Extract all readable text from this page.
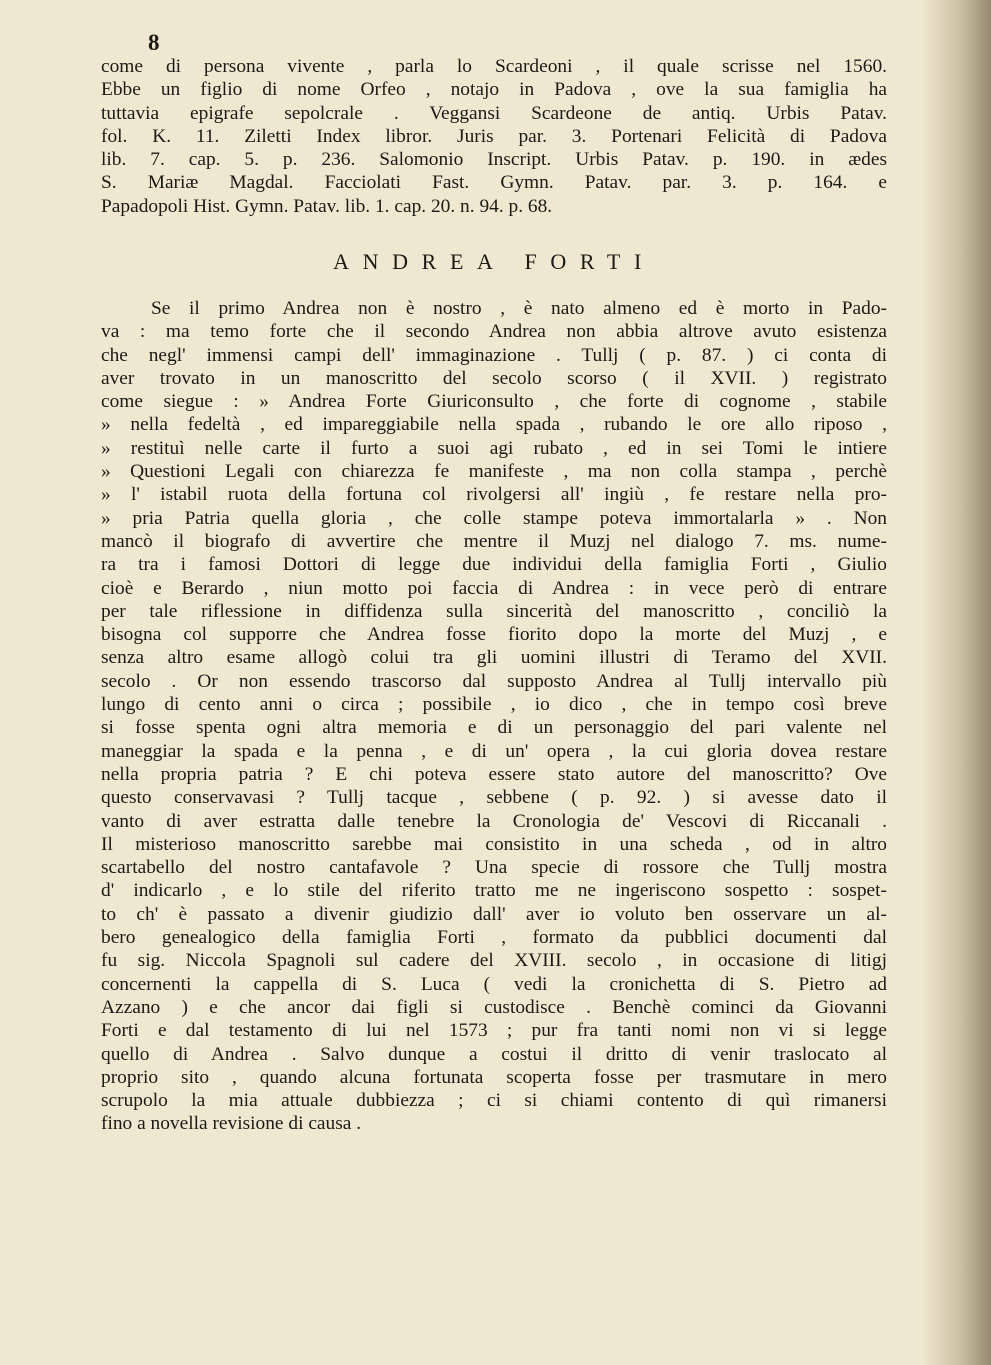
8

come di persona vivente , parla lo Scardeoni , il quale scrisse nel 1560.

Ebbe un figlio di nome Orfeo , notajo in Padova , ove la sua famiglia ha

tuttavia epigrafe sepolcrale . Veggansi Scardeone de antiq. Urbis Patav.

fol. K. 11. Ziletti Index libror. Juris par. 3. Portenari Felicità di Padova

lib. 7. cap. 5. p. 236. Salomonio Inscript. Urbis Patav. p. 190. in ædes

S. Mariæ Magdal. Facciolati Fast. Gymn. Patav. par. 3. p. 164. e

Papadopoli Hist. Gymn. Patav. lib. 1. cap. 20. n. 94. p. 68.

ANDREA FORTI

Se il primo Andrea non è nostro , è nato almeno ed è morto in Pado-

va : ma temo forte che il secondo Andrea non abbia altrove avuto esistenza

che negl' immensi campi dell' immaginazione . Tullj ( p. 87. ) ci conta di

aver trovato in un manoscritto del secolo scorso ( il XVII. ) registrato

come siegue : » Andrea Forte Giuriconsulto , che forte di cognome , stabile

» nella fedeltà , ed impareggiabile nella spada , rubando le ore allo riposo ,

» restituì nelle carte il furto a suoi agi rubato , ed in sei Tomi le intiere

» Questioni Legali con chiarezza fe manifeste , ma non colla stampa , perchè

» l' istabil ruota della fortuna col rivolgersi all' ingiù , fe restare nella pro-

» pria Patria quella gloria , che colle stampe poteva immortalarla » . Non

mancò il biografo di avvertire che mentre il Muzj nel dialogo 7. ms. nume-

ra tra i famosi Dottori di legge due individui della famiglia Forti , Giulio

cioè e Berardo , niun motto poi faccia di Andrea : in vece però di entrare

per tale riflessione in diffidenza sulla sincerità del manoscritto , conciliò la

bisogna col supporre che Andrea fosse fiorito dopo la morte del Muzj , e

senza altro esame allogò colui tra gli uomini illustri di Teramo del XVII.

secolo . Or non essendo trascorso dal supposto Andrea al Tullj intervallo più

lungo di cento anni o circa ; possibile , io dico , che in tempo così breve

si fosse spenta ogni altra memoria e di un personaggio del pari valente nel

maneggiar la spada e la penna , e di un' opera , la cui gloria dovea restare

nella propria patria ? E chi poteva essere stato autore del manoscritto? Ove

questo conservavasi ? Tullj tacque , sebbene ( p. 92. ) si avesse dato il

vanto di aver estratta dalle tenebre la Cronologia de' Vescovi di Riccanali .

Il misterioso manoscritto sarebbe mai consistito in una scheda , od in altro

scartabello del nostro cantafavole ? Una specie di rossore che Tullj mostra

d' indicarlo , e lo stile del riferito tratto me ne ingeriscono sospetto : sospet-

to ch' è passato a divenir giudizio dall' aver io voluto ben osservare un al-

bero genealogico della famiglia Forti , formato da pubblici documenti dal

fu sig. Niccola Spagnoli sul cadere del XVIII. secolo , in occasione di litigj

concernenti la cappella di S. Luca ( vedi la cronichetta di S. Pietro ad

Azzano ) e che ancor dai figli si custodisce . Benchè cominci da Giovanni

Forti e dal testamento di lui nel 1573 ; pur fra tanti nomi non vi si legge

quello di Andrea . Salvo dunque a costui il dritto di venir traslocato al

proprio sito , quando alcuna fortunata scoperta fosse per trasmutare in mero

scrupolo la mia attuale dubbiezza ; ci si chiami contento di quì rimanersi

fino a novella revisione di causa .
